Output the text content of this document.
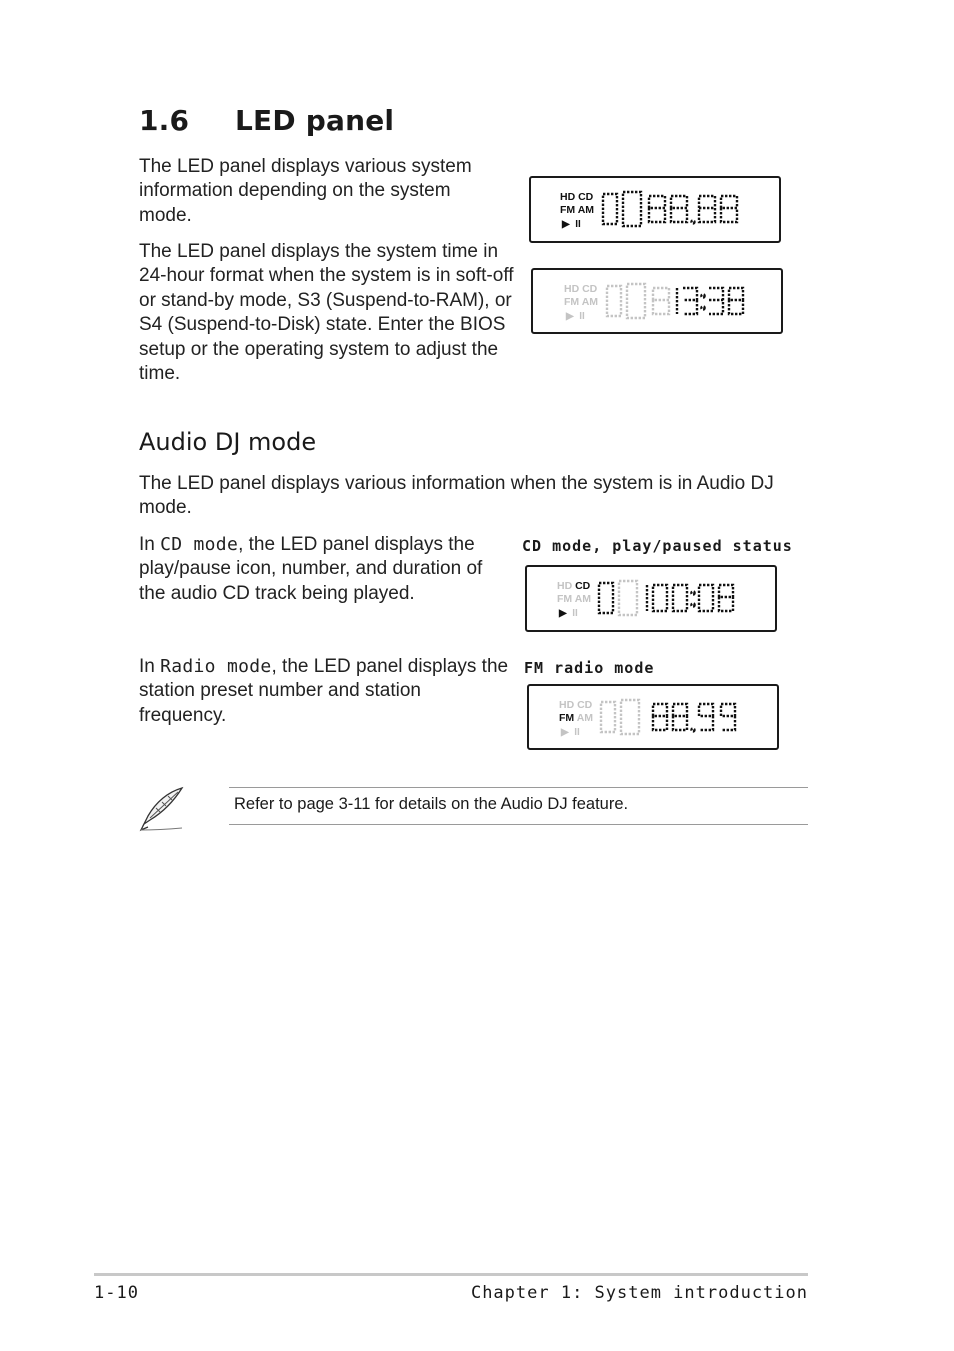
1.6 LED panel

The LED panel displays various system information depending on the system mode.

The LED panel displays the system time in 24-hour format when the system is in soft-off or stand-by mode, S3 (Suspend-to-RAM), or S4 (Suspend-to-Disk) state. Enter the BIOS setup or the operating system to adjust the time.

HD CD
FM AM
▶ II
HD CD
FM AM
▶ II
Audio DJ mode

The LED panel displays various information when the system is in Audio DJ mode.

In CD mode, the LED panel displays the play/pause icon, number, and duration of the audio CD track being played.

CD mode, play/paused status

HD CD
FM AM
▶ II

In Radio mode, the LED panel displays the station preset number and station frequency.

FM radio mode

HD CD
FM AM
▶ II

Refer to page 3-11 for details on the Audio DJ feature.

1-10	Chapter 1: System introduction
